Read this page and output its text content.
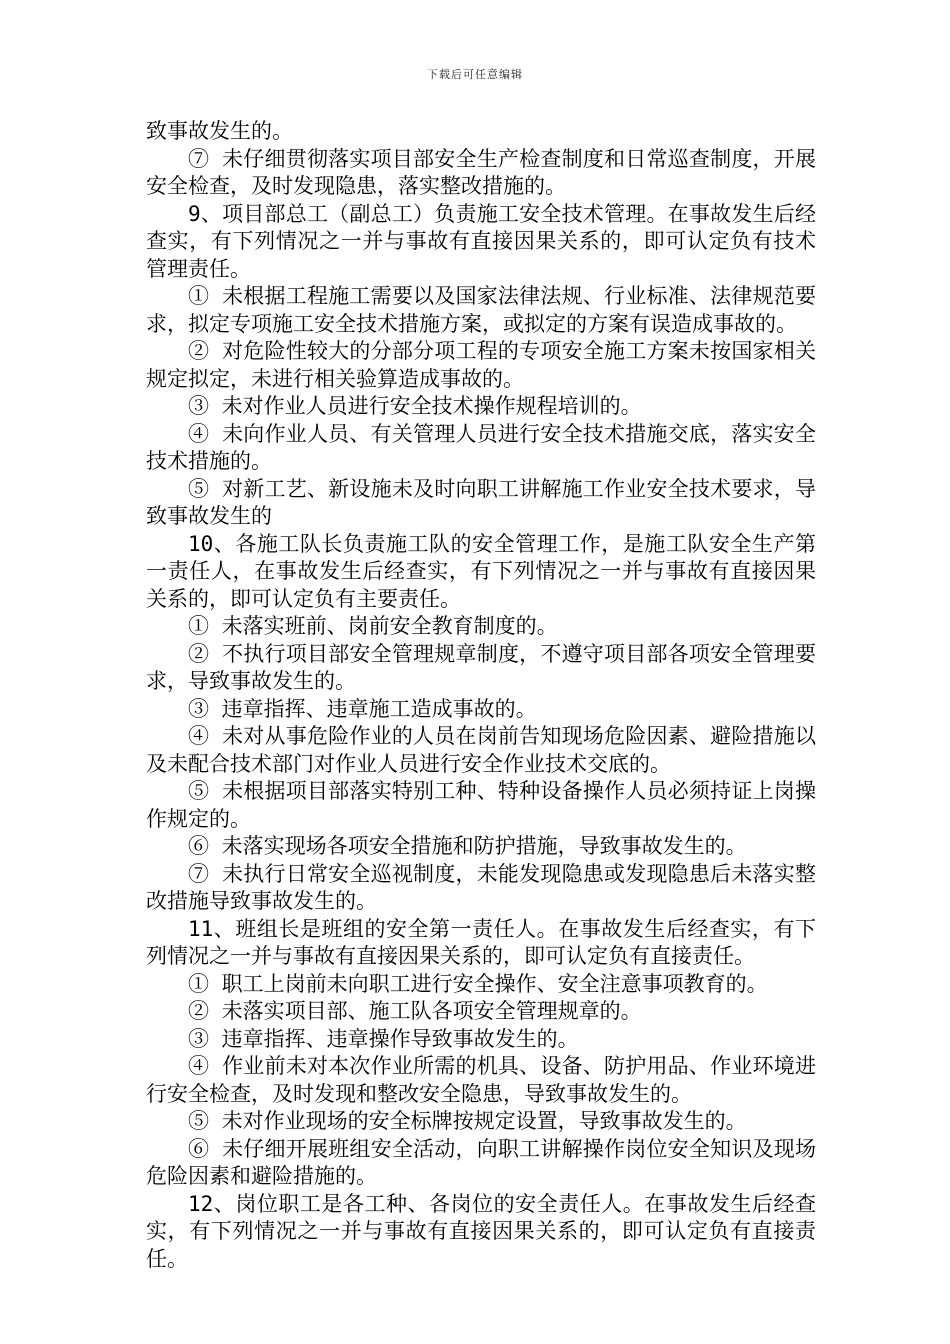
下载后可任意编辑

致事故发生的。

⑦ 未仔细贯彻落实项目部安全生产检查制度和日常巡查制度，开展安全检查，及时发现隐患，落实整改措施的。

9、项目部总工（副总工）负责施工安全技术管理。在事故发生后经查实，有下列情况之一并与事故有直接因果关系的，即可认定负有技术管理责任。

① 未根据工程施工需要以及国家法律法规、行业标准、法律规范要求，拟定专项施工安全技术措施方案，或拟定的方案有误造成事故的。

② 对危险性较大的分部分项工程的专项安全施工方案未按国家相关规定拟定，未进行相关验算造成事故的。

③ 未对作业人员进行安全技术操作规程培训的。

④ 未向作业人员、有关管理人员进行安全技术措施交底，落实安全技术措施的。

⑤ 对新工艺、新设施未及时向职工讲解施工作业安全技术要求，导致事故发生的

10、各施工队长负责施工队的安全管理工作，是施工队安全生产第一责任人，在事故发生后经查实，有下列情况之一并与事故有直接因果关系的，即可认定负有主要责任。

① 未落实班前、岗前安全教育制度的。

② 不执行项目部安全管理规章制度，不遵守项目部各项安全管理要求，导致事故发生的。

③ 违章指挥、违章施工造成事故的。

④ 未对从事危险作业的人员在岗前告知现场危险因素、避险措施以及未配合技术部门对作业人员进行安全作业技术交底的。

⑤ 未根据项目部落实特别工种、特种设备操作人员必须持证上岗操作规定的。

⑥ 未落实现场各项安全措施和防护措施，导致事故发生的。

⑦ 未执行日常安全巡视制度，未能发现隐患或发现隐患后未落实整改措施导致事故发生的。

11、班组长是班组的安全第一责任人。在事故发生后经查实，有下列情况之一并与事故有直接因果关系的，即可认定负有直接责任。

① 职工上岗前未向职工进行安全操作、安全注意事项教育的。

② 未落实项目部、施工队各项安全管理规章的。

③ 违章指挥、违章操作导致事故发生的。

④ 作业前未对本次作业所需的机具、设备、防护用品、作业环境进行安全检查，及时发现和整改安全隐患，导致事故发生的。

⑤ 未对作业现场的安全标牌按规定设置，导致事故发生的。

⑥ 未仔细开展班组安全活动，向职工讲解操作岗位安全知识及现场危险因素和避险措施的。

12、岗位职工是各工种、各岗位的安全责任人。在事故发生后经查实，有下列情况之一并与事故有直接因果关系的，即可认定负有直接责任。
